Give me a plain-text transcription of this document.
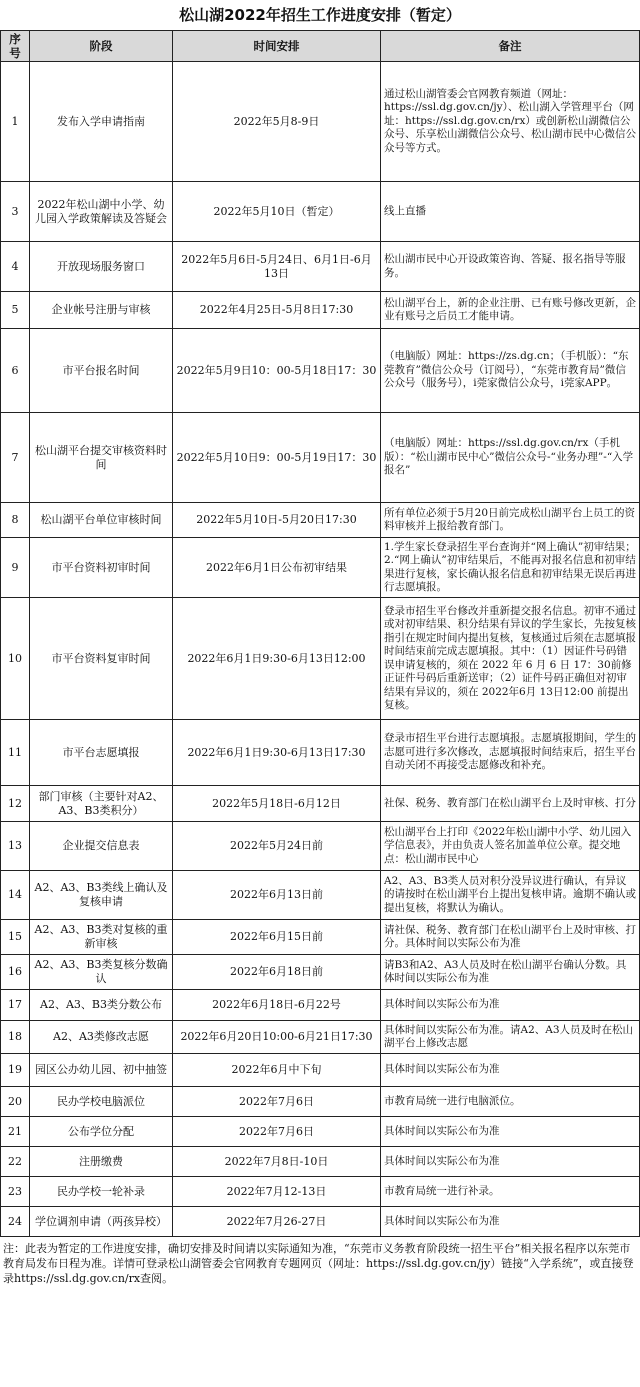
松山湖2022年招生工作进度安排（暂定）
序号	阶段	时间安排	备注
1	发布入学申请指南	2022年5月8-9日	通过松山湖管委会官网教育频道（网址：https://ssl.dg.gov.cn/jy）、松山湖入学管理平台（网址：https://ssl.dg.gov.cn/rx）或创新松山湖微信公众号、乐享松山湖微信公众号、松山湖市民中心微信公众号等方式。
3	2022年松山湖中小学、幼儿园入学政策解读及答疑会	2022年5月10日（暂定）	线上直播
4	开放现场服务窗口	2022年5月6日-5月24日、6月1日-6月13日	松山湖市民中心开设政策咨询、答疑、报名指导等服务。
5	企业帐号注册与审核	2022年4月25日-5月8日17:30	松山湖平台上，新的企业注册、已有账号修改更新，企业有账号之后员工才能申请。
6	市平台报名时间	2022年5月9日10：00-5月18日17：30	（电脑版）网址：https://zs.dg.cn；（手机版）：“东莞教育”微信公众号（订阅号），“东莞市教育局”微信公众号（服务号），i莞家微信公众号，i莞家APP。
7	松山湖平台提交审核资料时间	2022年5月10日9：00-5月19日17：30	（电脑版）网址：https://ssl.dg.gov.cn/rx（手机版）：“松山湖市民中心”微信公众号-“业务办理”-“入学报名”
8	松山湖平台单位审核时间	2022年5月10日-5月20日17:30	所有单位必须于5月20日前完成松山湖平台上员工的资料审核并上报给教育部门。
9	市平台资料初审时间	2022年6月1日公布初审结果	1.学生家长登录招生平台查询并“网上确认”初审结果；
2.“网上确认”初审结果后，不能再对报名信息和初审结果进行复核，家长确认报名信息和初审结果无误后再进行志愿填报。
10	市平台资料复审时间	2022年6月1日9:30-6月13日12:00	登录市招生平台修改并重新提交报名信息。初审不通过或对初审结果、积分结果有异议的学生家长，先按复核指引在规定时间内提出复核，复核通过后须在志愿填报时间结束前完成志愿填报。其中：（1）因证件号码错误申请复核的，须在 2022 年 6 月 6 日 17：30前修正证件号码后重新送审；（2）证件号码正确但对初审结果有异议的，须在 2022年6月 13日12:00 前提出复核。
11	市平台志愿填报	2022年6月1日9:30-6月13日17:30	登录市招生平台进行志愿填报。志愿填报期间，学生的志愿可进行多次修改，志愿填报时间结束后，招生平台自动关闭不再接受志愿修改和补充。
12	部门审核（主要针对A2、A3、B3类积分）	2022年5月18日-6月12日	社保、税务、教育部门在松山湖平台上及时审核、打分
13	企业提交信息表	2022年5月24日前	松山湖平台上打印《2022年松山湖中小学、幼儿园入学信息表》，并由负责人签名加盖单位公章。提交地点：松山湖市民中心
14	A2、A3、B3类线上确认及复核申请	2022年6月13日前	A2、A3、B3类人员对积分没异议进行确认，有异议的请按时在松山湖平台上提出复核申请。逾期不确认或提出复核，将默认为确认。
15	A2、A3、B3类对复核的重新审核	2022年6月15日前	请社保、税务、教育部门在松山湖平台上及时审核、打分。具体时间以实际公布为准
16	A2、A3、B3类复核分数确认	2022年6月18日前	请B3和A2、A3人员及时在松山湖平台确认分数。具体时间以实际公布为准
17	A2、A3、B3类分数公布	2022年6月18日-6月22号	具体时间以实际公布为准
18	A2、A3类修改志愿	2022年6月20日10:00-6月21日17:30	具体时间以实际公布为准。请A2、A3人员及时在松山湖平台上修改志愿
19	园区公办幼儿园、初中抽签	2022年6月中下旬	具体时间以实际公布为准
20	民办学校电脑派位	2022年7月6日	市教育局统一进行电脑派位。
21	公布学位分配	2022年7月6日	具体时间以实际公布为准
22	注册缴费	2022年7月8日-10日	具体时间以实际公布为准
23	民办学校一轮补录	2022年7月12-13日	市教育局统一进行补录。
24	学位调剂申请（两孩异校）	2022年7月26-27日	具体时间以实际公布为准
注：此表为暂定的工作进度安排，确切安排及时间请以实际通知为准，“东莞市义务教育阶段统一招生平台”相关报名程序以东莞市教育局发布日程为准。详情可登录松山湖管委会官网教育专题网页（网址：https://ssl.dg.gov.cn/jy）链接“入学系统”，或直接登录https://ssl.dg.gov.cn/rx查阅。
